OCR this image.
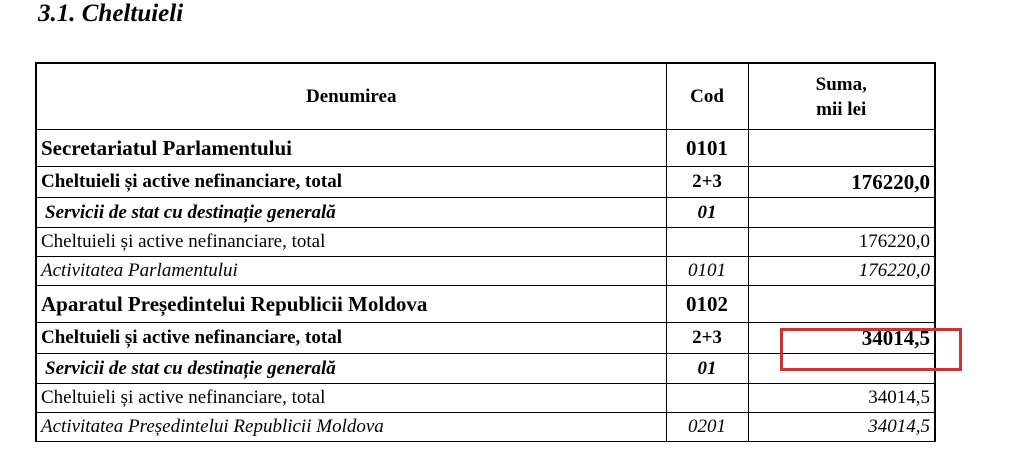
3.1. Cheltuieli
Denumirea	Cod	Suma,
mii lei

Secretariatul Parlamentului	0101	
Cheltuieli și active nefinanciare, total	2+3	176220,0
Servicii de stat cu destinație generală	01	
Cheltuieli și active nefinanciare, total		176220,0
Activitatea Parlamentului	0101	176220,0
Aparatul Președintelui Republicii Moldova	0102	
Cheltuieli și active nefinanciare, total	2+3	34014,5
Servicii de stat cu destinație generală	01	
Cheltuieli și active nefinanciare, total		34014,5
Activitatea Președintelui Republicii Moldova	0201	34014,5
